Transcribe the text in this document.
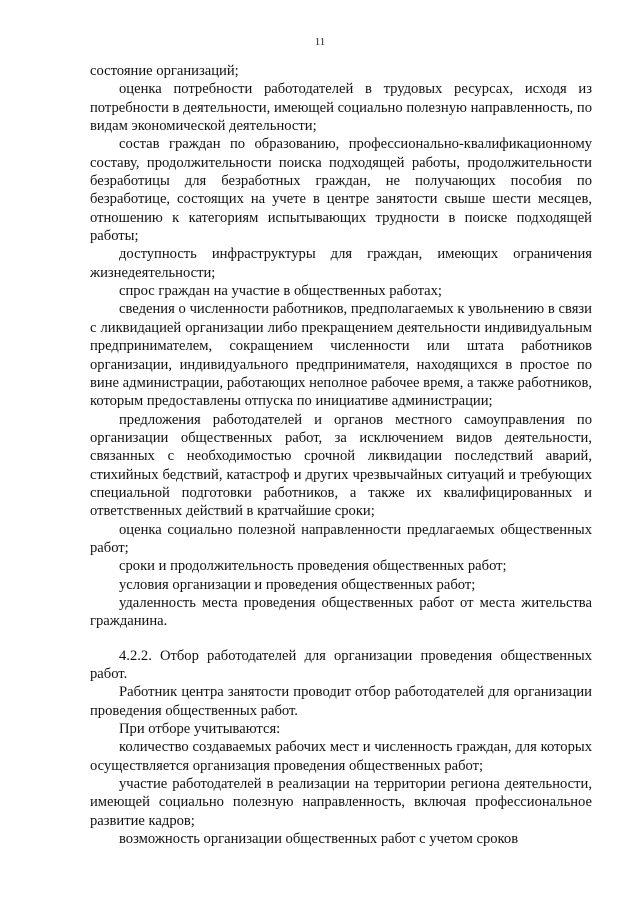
11

состояние организаций;

оценка потребности работодателей в трудовых ресурсах, исходя из потребности в деятельности, имеющей социально полезную направленность, по видам экономической деятельности;

состав граждан по образованию, профессионально-квалификационному составу, продолжительности поиска подходящей работы, продолжительности безработицы для безработных граждан, не получающих пособия по безработице, состоящих на учете в центре занятости свыше шести месяцев, отношению к категориям испытывающих трудности в поиске подходящей работы;

доступность инфраструктуры для граждан, имеющих ограничения жизнедеятельности;

спрос граждан на участие в общественных работах;

сведения о численности работников, предполагаемых к увольнению в связи с ликвидацией организации либо прекращением деятельности индивидуальным предпринимателем, сокращением численности или штата работников организации, индивидуального предпринимателя, находящихся в простое по вине администрации, работающих неполное рабочее время, а также работников, которым предоставлены отпуска по инициативе администрации;

предложения работодателей и органов местного самоуправления по организации общественных работ, за исключением видов деятельности, связанных с необходимостью срочной ликвидации последствий аварий, стихийных бедствий, катастроф и других чрезвычайных ситуаций и требующих специальной подготовки работников, а также их квалифицированных и ответственных действий в кратчайшие сроки;

оценка социально полезной направленности предлагаемых общественных работ;

сроки и продолжительность проведения общественных работ;

условия организации и проведения общественных работ;

удаленность места проведения общественных работ от места жительства гражданина.

4.2.2. Отбор работодателей для организации проведения общественных работ.

Работник центра занятости проводит отбор работодателей для организации проведения общественных работ.

При отборе учитываются:

количество создаваемых рабочих мест и численность граждан, для которых осуществляется организация проведения общественных работ;

участие работодателей в реализации на территории региона деятельности, имеющей социально полезную направленность, включая профессиональное развитие кадров;

возможность организации общественных работ с учетом сроков
